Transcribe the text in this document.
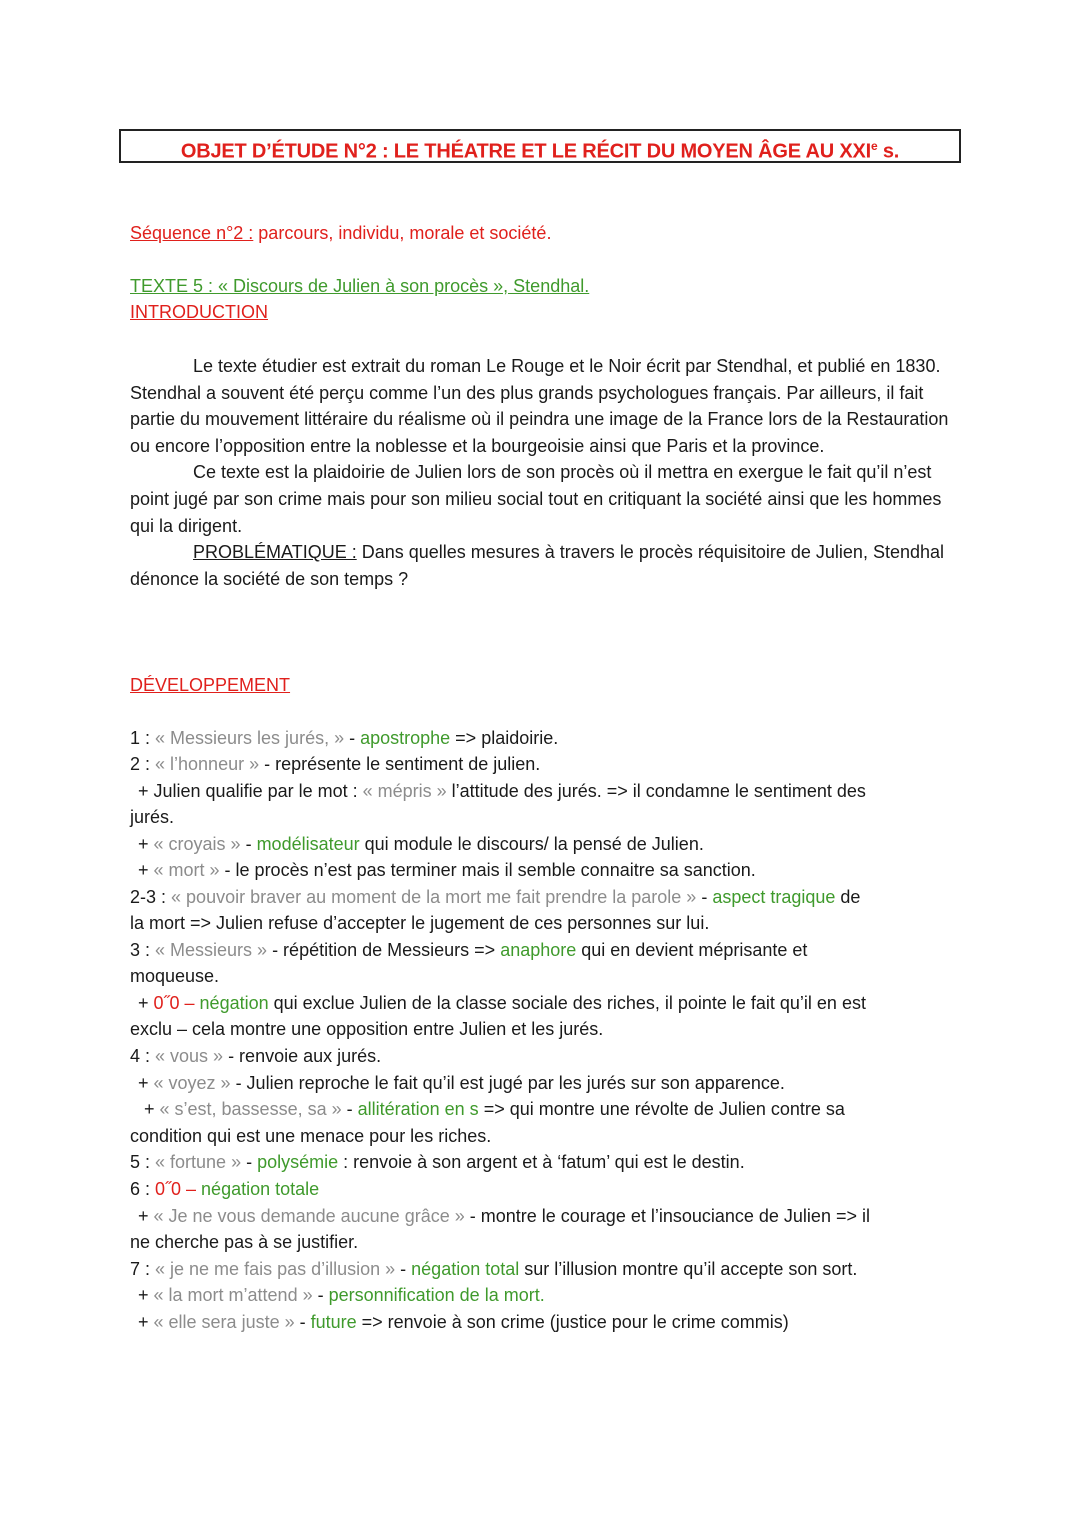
OBJET D’ÉTUDE N°2 : LE THÉATRE ET LE RÉCIT DU MOYEN ÂGE AU XXIe s.
Séquence n°2 : parcours, individu, morale et société.
TEXTE 5 : « Discours de Julien à son procès », Stendhal.
INTRODUCTION

Le texte étudier est extrait du roman Le Rouge et le Noir écrit par Stendhal, et publié en 1830. Stendhal a souvent été perçu comme l’un des plus grands psychologues français. Par ailleurs, il fait partie du mouvement littéraire du réalisme où il peindra une image de la France lors de la Restauration ou encore l’opposition entre la noblesse et la bourgeoisie ainsi que Paris et la province.

Ce texte est la plaidoirie de Julien lors de son procès où il mettra en exergue le fait qu’il n’est point jugé par son crime mais pour son milieu social tout en critiquant la société ainsi que les hommes qui la dirigent.

PROBLÉMATIQUE : Dans quelles mesures à travers le procès réquisitoire de Julien, Stendhal dénonce la société de son temps ?

DÉVELOPPEMENT
1 : « Messieurs les jurés, » - apostrophe => plaidoirie.
2 : « l’honneur » - représente le sentiment de julien.
+ Julien qualifie par le mot : « mépris » l’attitude des jurés. => il condamne le sentiment des
jurés.
+ « croyais » - modélisateur qui module le discours/ la pensé de Julien.
+ « mort » - le procès n’est pas terminer mais il semble connaitre sa sanction.
2-3 : « pouvoir braver au moment de la mort me fait prendre la parole » - aspect tragique de
la mort => Julien refuse d’accepter le jugement de ces personnes sur lui.
3 : « Messieurs » - répétition de Messieurs => anaphore qui en devient méprisante et
moqueuse.
+ 0˝0 – négation qui exclue Julien de la classe sociale des riches, il pointe le fait qu’il en est
exclu – cela montre une opposition entre Julien et les jurés.
4 : « vous » - renvoie aux jurés.
+ « voyez » - Julien reproche le fait qu’il est jugé par les jurés sur son apparence.
+ « s’est, bassesse, sa » - allitération en s => qui montre une révolte de Julien contre sa
condition qui est une menace pour les riches.
5 : « fortune » - polysémie : renvoie à son argent et à ‘fatum’ qui est le destin.
6 : 0˝0 – négation totale
+ « Je ne vous demande aucune grâce » - montre le courage et l’insouciance de Julien => il
ne cherche pas à se justifier.
7 : « je ne me fais pas d’illusion » - négation total sur l’illusion montre qu’il accepte son sort.
+ « la mort m’attend » - personnification de la mort.
+ « elle sera juste » - future => renvoie à son crime (justice pour le crime commis)
